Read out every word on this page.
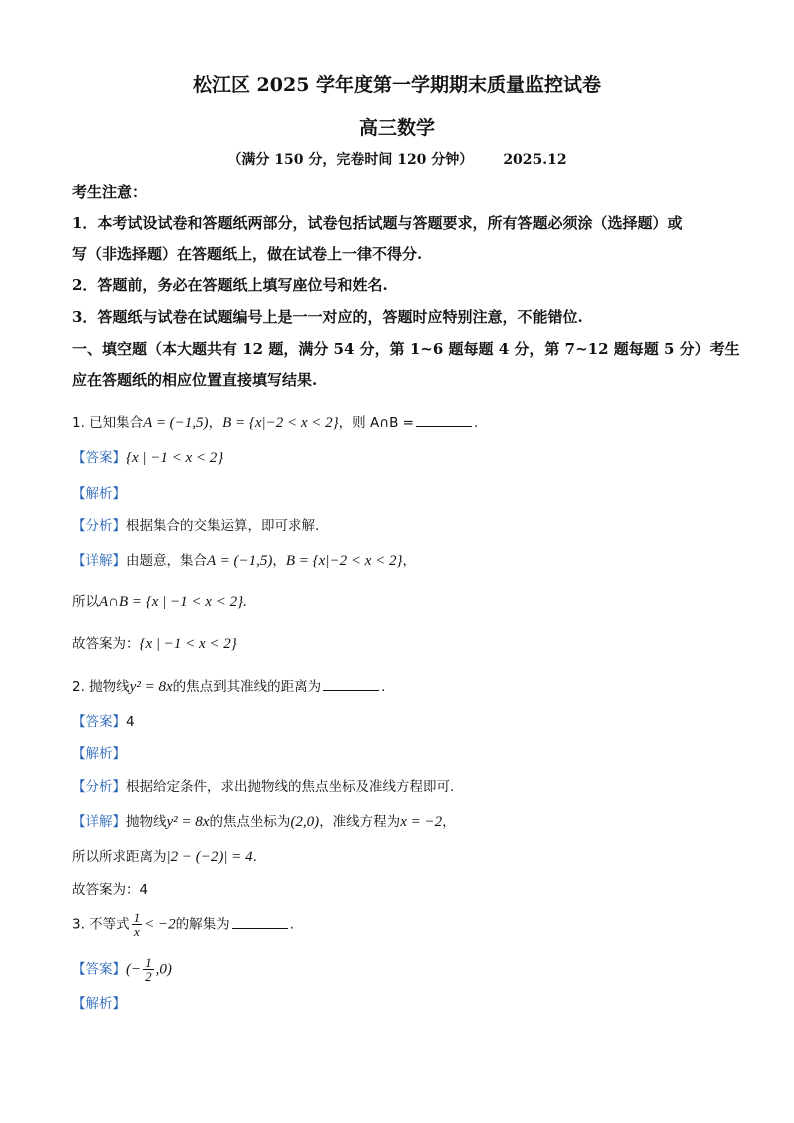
松江区 2025 学年度第一学期期末质量监控试卷
高三数学
（满分 150 分，完卷时间 120 分钟） 2025.12
考生注意：
1．本考试设试卷和答题纸两部分，试卷包括试题与答题要求，所有答题必须涂（选择题）或
写（非选择题）在答题纸上，做在试卷上一律不得分.
2．答题前，务必在答题纸上填写座位号和姓名.
3．答题纸与试卷在试题编号上是一一对应的，答题时应特别注意，不能错位.
一、填空题（本大题共有 12 题，满分 54 分，第 1~6 题每题 4 分，第 7~12 题每题 5 分）考生
应在答题纸的相应位置直接填写结果.
1. 已知集合A = (−1,5)，B = {x|−2 < x < 2}，则 A∩B =	.
【答案】{x | −1 < x < 2}
【解析】
【分析】根据集合的交集运算，即可求解.
【详解】由题意，集合A = (−1,5)，B = {x|−2 < x < 2}，
所以A∩B = {x | −1 < x < 2}.
故答案为：{x | −1 < x < 2}
2. 抛物线y² = 8x的焦点到其准线的距离为	.
【答案】4
【解析】
【分析】根据给定条件，求出抛物线的焦点坐标及准线方程即可.
【详解】抛物线y² = 8x的焦点坐标为(2,0)，准线方程为x = −2，
所以所求距离为|2 − (−2)| = 4.
故答案为：4
3. 不等式 $\frac{1}{x} < -2$的解集为	.
【答案】(− $\frac{1}{2} ,0$)
【解析】
